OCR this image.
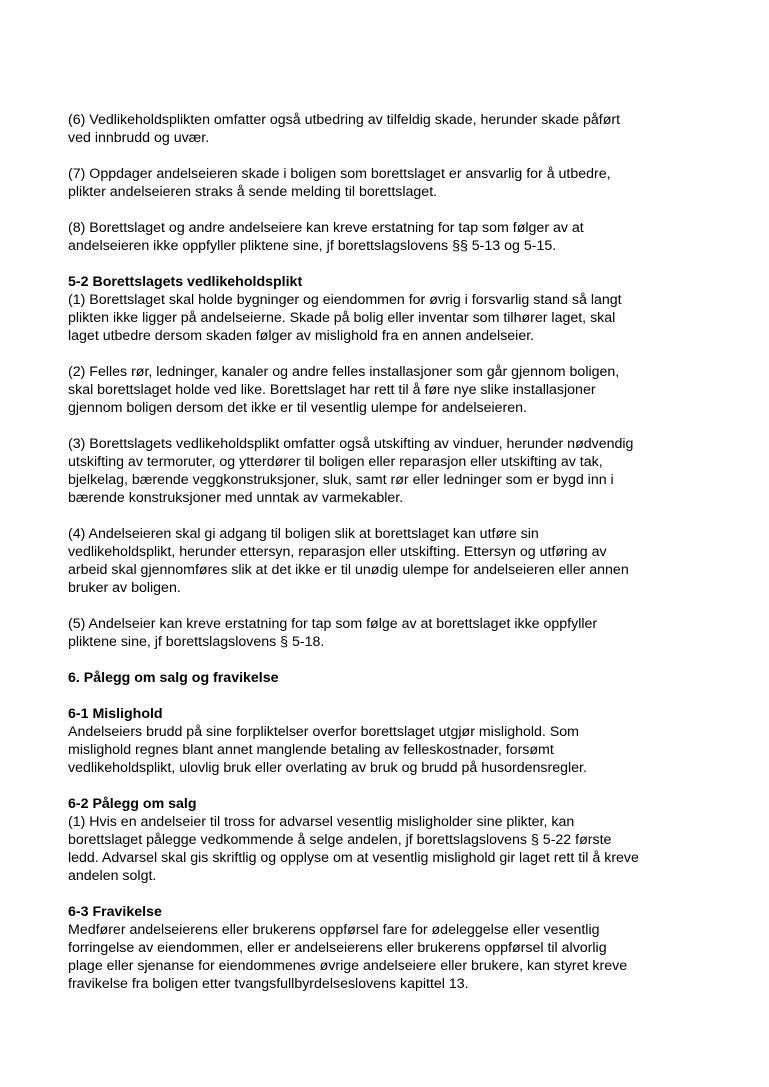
(6) Vedlikeholdsplikten omfatter også utbedring av tilfeldig skade, herunder skade påført
ved innbrudd og uvær.
(7) Oppdager andelseieren skade i boligen som borettslaget er ansvarlig for å utbedre,
plikter andelseieren straks å sende melding til borettslaget.
(8) Borettslaget og andre andelseiere kan kreve erstatning for tap som følger av at
andelseieren ikke oppfyller pliktene sine, jf borettslagslovens §§ 5-13 og 5-15.
5-2 Borettslagets vedlikeholdsplikt
(1) Borettslaget skal holde bygninger og eiendommen for øvrig i forsvarlig stand så langt
plikten ikke ligger på andelseierne. Skade på bolig eller inventar som tilhører laget, skal
laget utbedre dersom skaden følger av mislighold fra en annen andelseier.
(2) Felles rør, ledninger, kanaler og andre felles installasjoner som går gjennom boligen,
skal borettslaget holde ved like. Borettslaget har rett til å føre nye slike installasjoner
gjennom boligen dersom det ikke er til vesentlig ulempe for andelseieren.
(3) Borettslagets vedlikeholdsplikt omfatter også utskifting av vinduer, herunder nødvendig
utskifting av termoruter, og ytterdører til boligen eller reparasjon eller utskifting av tak,
bjelkelag, bærende veggkonstruksjoner, sluk, samt rør eller ledninger som er bygd inn i
bærende konstruksjoner med unntak av varmekabler.
(4) Andelseieren skal gi adgang til boligen slik at borettslaget kan utføre sin
vedlikeholdsplikt, herunder ettersyn, reparasjon eller utskifting. Ettersyn og utføring av
arbeid skal gjennomføres slik at det ikke er til unødig ulempe for andelseieren eller annen
bruker av boligen.
(5) Andelseier kan kreve erstatning for tap som følge av at borettslaget ikke oppfyller
pliktene sine, jf borettslagslovens § 5-18.
6. Pålegg om salg og fravikelse
6-1 Mislighold
Andelseiers brudd på sine forpliktelser overfor borettslaget utgjør mislighold. Som
mislighold regnes blant annet manglende betaling av felleskostnader, forsømt
vedlikeholdsplikt, ulovlig bruk eller overlating av bruk og brudd på husordensregler.
6-2 Pålegg om salg
(1) Hvis en andelseier til tross for advarsel vesentlig misligholder sine plikter, kan
borettslaget pålegge vedkommende å selge andelen, jf borettslagslovens § 5-22 første
ledd. Advarsel skal gis skriftlig og opplyse om at vesentlig mislighold gir laget rett til å kreve
andelen solgt.
6-3 Fravikelse
Medfører andelseierens eller brukerens oppførsel fare for ødeleggelse eller vesentlig
forringelse av eiendommen, eller er andelseierens eller brukerens oppførsel til alvorlig
plage eller sjenanse for eiendommenes øvrige andelseiere eller brukere, kan styret kreve
fravikelse fra boligen etter tvangsfullbyrdelseslovens kapittel 13.
